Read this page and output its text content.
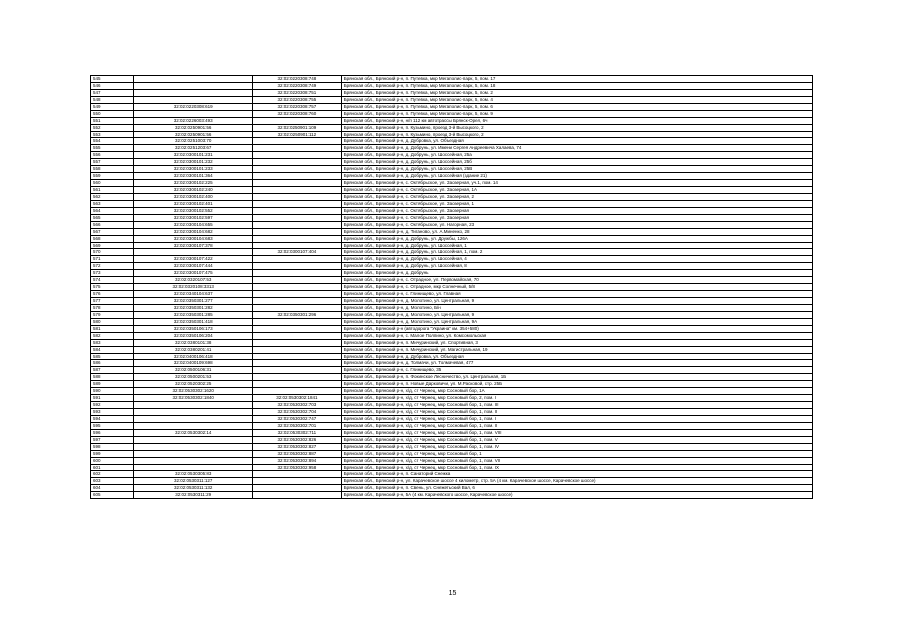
545		32:02:0220308:748	Брянская обл., Брянский р-н, п. Путевка, мкр Мегаполис-парк, 5, пом. 17
546		32:02:0220308:749	Брянская обл., Брянский р-н, п. Путевка, мкр Мегаполис-парк, 5, пом. 18
547		32:02:0220308:751	Брянская обл., Брянский р-н, п. Путевка, мкр Мегаполис-парк, 5, пом. 2
548		32:02:0220308:755	Брянская обл., Брянский р-н, п. Путевка, мкр Мегаполис-парк, 5, пом. 4
549	32:02:0220308:619	32:02:0220308:757	Брянская обл., Брянский р-н, п. Путевка, мкр Мегаполис-парк, 5, пом. 6
550		32:02:0220308:760	Брянская обл., Брянский р-н, п. Путевка, мкр Мегаполис-парк, 5, пом. 9
551	32:02:0226003:493		Брянская обл., Брянский р-н, н/п 112 км автотрассы Брянск-Орел, 6ч
552	32:02:0250901:56	32:02:0250901:109	Брянская обл., Брянский р-н, п. Кузьмино, проезд 3-й Высоцкого, 2
553	32:02:0250901:56	32:02:0250901:112	Брянская обл., Брянский р-н, п. Кузьмино, проезд 3-й Высоцкого, 2
554	32:02:0251003:70		Брянская обл., Брянский р-н, д. Дубровка, ул. Объездная
555	32:02:0251203:67		Брянская обл., Брянский р-н, д. Добрунь, ул. Имени Сергея Андреевича Халаева, 74
556	32:02:0300101:231		Брянская обл., Брянский р-н, д. Добрунь, ул. Шоссейная, 25а
557	32:02:0300101:232		Брянская обл., Брянский р-н, д. Добрунь, ул. Шоссейная, 25б
558	32:02:0300101:233		Брянская обл., Брянский р-н, д. Добрунь, ул. Шоссейная, 25В
559	32:02:0300101:364		Брянская обл., Брянский р-н, д. Добрунь, ул. Шоссейная (здание 21)
560	32:02:0300102:225		Брянская обл., Брянский р-н, с. Октябрьское, ул. Заозерная, уч.1, пом. 14
561	32:02:0300102:240		Брянская обл., Брянский р-н, с. Октябрьское, ул. Заозерная, 1А
562	32:02:0300102:400		Брянская обл., Брянский р-н, с. Октябрьское, ул. Заозерная, 2
563	32:02:0300102:401		Брянская обл., Брянский р-н, с. Октябрьское, ул. Заозерная, 1
564	32:02:0300102:552		Брянская обл., Брянский р-н, с. Октябрьское, ул. Заозерная
565	32:02:0300102:597		Брянская обл., Брянский р-н, с. Октябрьское, ул. Заозерная
566	32:02:0300104:655		Брянская обл., Брянский р-н, с. Октябрьское, ул. Нагорная, 23
567	32:02:0300104:682		Брянская обл., Брянский р-н, д. Тиганово, ул. А.Миненко, 28
568	32:02:0300104:683		Брянская обл., Брянский р-н, д. Добрунь, ул. Дружбы, 126А
569	32:02:0300107:378		Брянская обл., Брянский р-н, д. Добрунь, ул. Шоссейная, 1
570		32:02:0300107:404	Брянская обл., Брянский р-н, д. Добрунь, ул. Шоссейная, 1, пом. 2
571	32:02:0300107:422		Брянская обл., Брянский р-н, д. Добрунь, ул. Шоссейная, 4
572	32:02:0300107:444		Брянская обл., Брянский р-н, д. Добрунь, ул. Шоссейная, 8
573	32:02:0300107:475		Брянская обл., Брянский р-н, д. Добрунь
574	32:02:0320107:53		Брянская обл., Брянский р-н, с. Отрадное, ул. Первомайская, 70
575	32:02:0320108:3313		Брянская обл., Брянский р-н, с. Отрадное, мкр Солнечный, 5/8
576	32:02:0340104:637		Брянская обл., Брянский р-н, с. Глинищево, ул. Главная
577	32:02:0350301:277		Брянская обл., Брянский р-н, д. Молотино, ул. Центральная, 9
578	32:02:0350301:282		Брянская обл., Брянский р-н, д. Молотино, Б/н
579	32:02:0350301:285	32:02:0350301:296	Брянская обл., Брянский р-н, д. Молотино, ул. Центральная, 9
580	32:02:0350301:418		Брянская обл., Брянский р-н, д. Молотино, ул. Центральная, 9А
581	32:02:0350106:173		Брянская обл., Брянский р-н (автодорога "Украина" км. 354+580)
582	32:02:0350106:204		Брянская обл., Брянский р-н, с. Малое Полпино, ул. Комсомольская
583	32:02:0380101:38		Брянская обл., Брянский р-н, п. Мичуринский, ул. Спортивная, 3
584	32:02:0380201:41		Брянская обл., Брянский р-н, п. Мичуринский, ул. Магистральная, 19
585	32:02:0400106:418		Брянская обл., Брянский р-н, д. Дубровка, ул. Объездная
586	32:02:0400109:698		Брянская обл., Брянский р-н, д. Толмачи, ул. Толмачевая, 477
587	32:02:0500106:31		Брянская обл., Брянский р-н, с. Глинищево, 35
588	32:02:0500201:53		Брянская обл., Брянский р-н, п. Фокинское Лесничество, ул. Центральная, 1Б
589	32:02:0520302:25		Брянская обл., Брянский р-н, п. Новые Дарковичи, ул. М.Расковой, стр. 25Б
590	32:02:0530302:1620		Брянская обл., Брянский р-н, х/д, ст Чернец, мкр Сосновый бор, 1А
591	32:02:0530302:1840	32:02:0530302:1841	Брянская обл., Брянский р-н, х/д, ст Чернец, мкр Сосновый бор, 2, пом. I
592		32:02:0530302:703	Брянская обл., Брянский р-н, х/д, ст Чернец, мкр Сосновый бор, 1, пом. III
593		32:02:0530302:704	Брянская обл., Брянский р-н, х/д, ст Чернец, мкр Сосновый бор, 1, пом. II
594		32:02:0530302:747	Брянская обл., Брянский р-н, х/д, ст Чернец, мкр Сосновый бор, 1, пом. I
595		32:02:0530302:701	Брянская обл., Брянский р-н, х/д, ст Чернец, мкр Сосновый бор, 1, пом. II
596	32:02:0530302:14	32:02:0530302:711	Брянская обл., Брянский р-н, х/д, ст Чернец, мкр Сосновый бор, 1, пом. VIII
597		32:02:0530302:826	Брянская обл., Брянский р-н, х/д, ст Чернец, мкр Сосновый бор, 1, пом. V
598		32:02:0530302:827	Брянская обл., Брянский р-н, х/д, ст Чернец, мкр Сосновый бор, 1, пом. IV
599		32:02:0530302:887	Брянская обл., Брянский р-н, х/д, ст Чернец, мкр Сосновый бор, 1
600		32:02:0530302:894	Брянская обл., Брянский р-н, х/д, ст Чернец, мкр Сосновый бор, 1, пом. VII
601		32:02:0530302:958	Брянская обл., Брянский р-н, х/д, ст Чернец, мкр Сосновый бор, 1, пом. IX
602	32:02:0530305:83		Брянская обл., Брянский р-н, п. Санаторий Снежка
603	32:02:0530311:127		Брянская обл., Брянский р-н, ул. Карачевское шоссе 4 километр, стр. 5А (4 км. Карачевское шоссе, Карачевское шоссе)
604	32:02:0530311:132		Брянская обл., Брянский р-н, п. Свень, ул. Снежетьский Вал, 6
605	32:02:0530311:29		Брянская обл., Брянский р-н, 5А (4 км. Карачевского шоссе, Карачевское шоссе)
15
